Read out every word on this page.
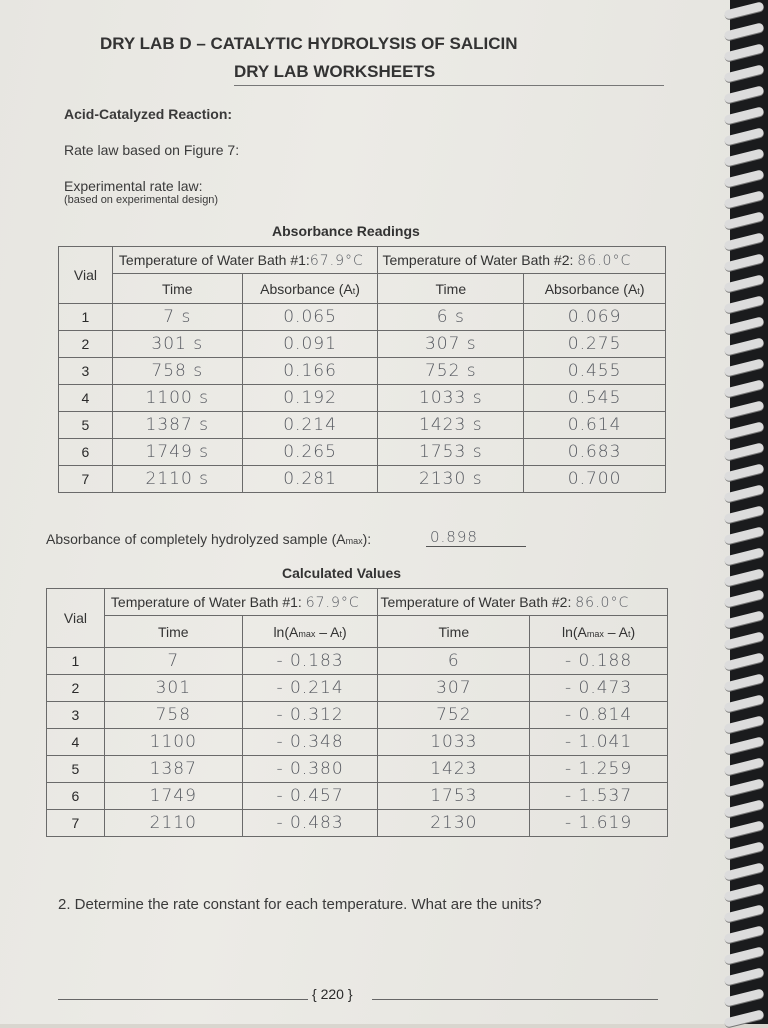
DRY LAB D – CATALYTIC HYDROLYSIS OF SALICIN
DRY LAB WORKSHEETS
Acid-Catalyzed Reaction:
Rate law based on Figure 7:
Experimental rate law:
(based on experimental design)
Absorbance Readings
Vial	Temperature of Water Bath #1:67.9°C		Temperature of Water Bath #2: 86.0°C	
	Time	Absorbance (At)	Time	Absorbance (At)
1	7 s	0.065	6 s	0.069
2	301 s	0.091	307 s	0.275
3	758 s	0.166	752 s	0.455
4	1100 s	0.192	1033 s	0.545
5	1387 s	0.214	1423 s	0.614
6	1749 s	0.265	1753 s	0.683
7	2110 s	0.281	2130 s	0.700
Absorbance of completely hydrolyzed sample (Amax):	0.898
Calculated Values
Vial	Temperature of Water Bath #1: 67.9°C		Temperature of Water Bath #2: 86.0°C	
	Time	ln(Amax – At)	Time	ln(Amax – At)
1	7	- 0.183	6	- 0.188
2	301	- 0.214	307	- 0.473
3	758	- 0.312	752	- 0.814
4	1100	- 0.348	1033	- 1.041
5	1387	- 0.380	1423	- 1.259
6	1749	- 0.457	1753	- 1.537
7	2110	- 0.483	2130	- 1.619
2. Determine the rate constant for each temperature. What are the units?
{ 220 }
